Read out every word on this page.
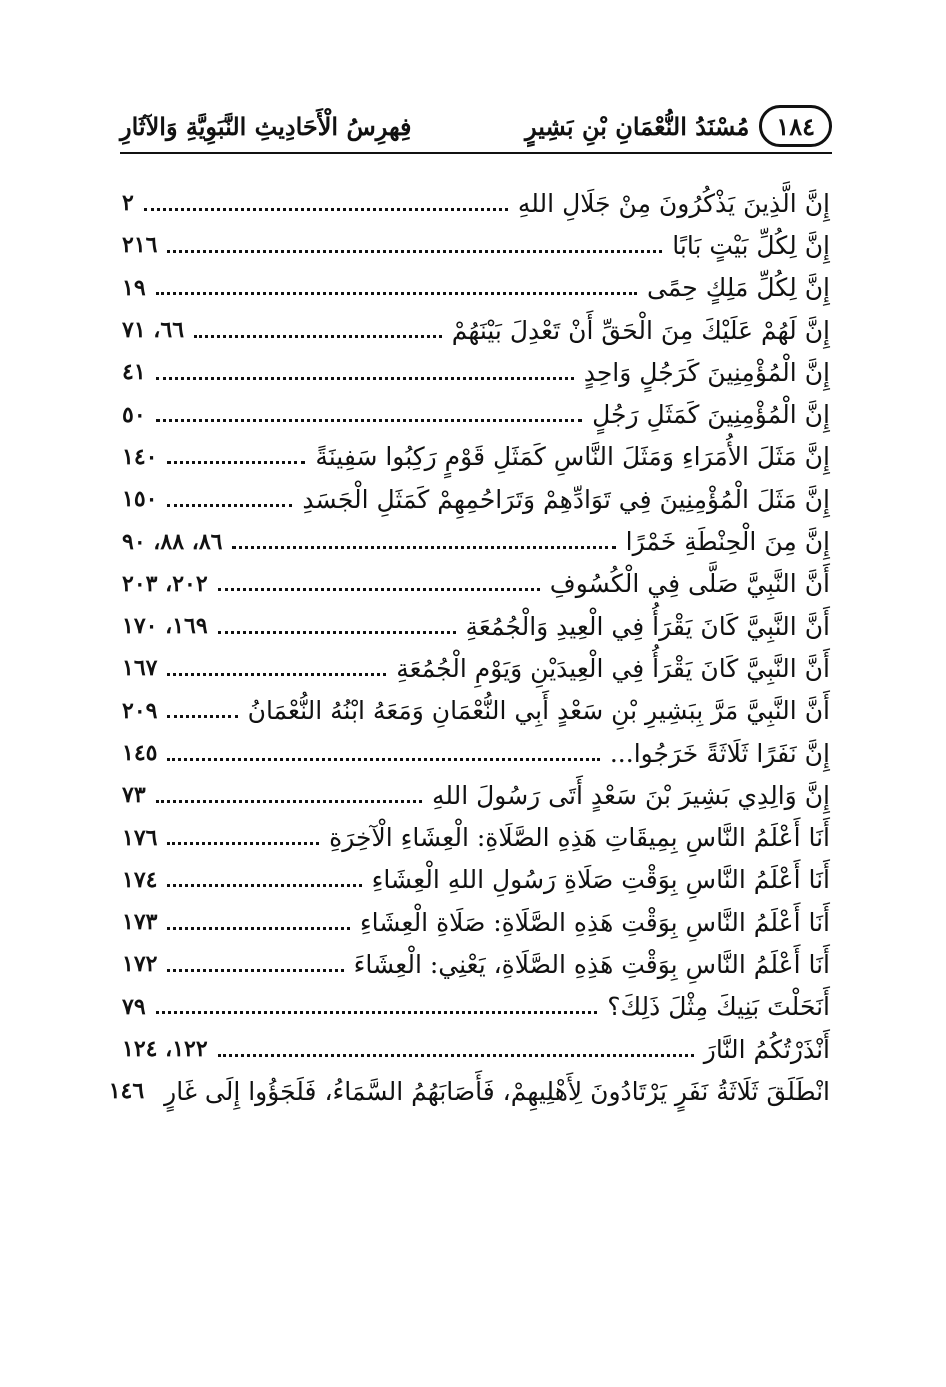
١٨٤
مُسْنَدُ النُّعْمَانِ بْنِ بَشِيرٍ
فِهرِسُ الْأَحَادِيثِ النَّبَوِيَّةِ وَالآثَارِ
إِنَّ الَّذِينَ يَذْكُرُونَ مِنْ جَلَالِ اللهِ
٢
إِنَّ لِكُلِّ بَيْتٍ بَابًا
٢١٦
إِنَّ لِكُلِّ مَلِكٍ حِمًى
١٩
إِنَّ لَهُمْ عَلَيْكَ مِنَ الْحَقِّ أَنْ تَعْدِلَ بَيْنَهُمْ
٦٦، ٧١
إِنَّ الْمُؤْمِنِينَ كَرَجُلٍ وَاحِدٍ
٤١
إِنَّ الْمُؤْمِنِينَ كَمَثَلِ رَجُلٍ
٥٠
إِنَّ مَثَلَ الأُمَرَاءِ وَمَثَلَ النَّاسِ كَمَثَلِ قَوْمٍ رَكِبُوا سَفِينَةً
١٤٠
إِنَّ مَثَلَ الْمُؤْمِنِينَ فِي تَوَادِّهِمْ وَتَرَاحُمِهِمْ كَمَثَلِ الْجَسَدِ
١٥٠
إِنَّ مِنَ الْحِنْطَةِ خَمْرًا
٨٦، ٨٨، ٩٠
أَنَّ النَّبِيَّ صَلَّى فِي الْكُسُوفِ
٢٠٢، ٢٠٣
أَنَّ النَّبِيَّ كَانَ يَقْرَأُ فِي الْعِيدِ وَالْجُمُعَةِ
١٦٩، ١٧٠
أَنَّ النَّبِيَّ كَانَ يَقْرَأُ فِي الْعِيدَيْنِ وَيَوْمِ الْجُمُعَةِ
١٦٧
أَنَّ النَّبِيَّ مَرَّ بِبَشِيرِ بْنِ سَعْدٍ أَبِي النُّعْمَانِ وَمَعَهُ ابْنُهُ النُّعْمَانُ
٢٠٩
إِنَّ نَفَرًا ثَلَاثَةً خَرَجُوا...
١٤٥
إِنَّ وَالِدِي بَشِيرَ بْنَ سَعْدٍ أَتَى رَسُولَ اللهِ
٧٣
أَنَا أَعْلَمُ النَّاسِ بِمِيقَاتِ هَذِهِ الصَّلَاةِ: الْعِشَاءِ الْآخِرَةِ
١٧٦
أَنَا أَعْلَمُ النَّاسِ بِوَقْتِ صَلَاةِ رَسُولِ اللهِ الْعِشَاءِ
١٧٤
أَنَا أَعْلَمُ النَّاسِ بِوَقْتِ هَذِهِ الصَّلَاةِ: صَلَاةِ الْعِشَاءِ
١٧٣
أَنَا أَعْلَمُ النَّاسِ بِوَقْتِ هَذِهِ الصَّلَاةِ، يَعْنِي: الْعِشَاءَ
١٧٢
أَنَحَلْتَ بَنِيكَ مِثْلَ ذَلِكَ؟
٧٩
أَنْذَرْتُكُمُ النَّارَ
١٢٢، ١٢٤
انْطَلَقَ ثَلَاثَةُ نَفَرٍ يَرْتَادُونَ لِأَهْلِيهِمْ، فَأَصَابَهُمُ السَّمَاءُ، فَلَجَؤُوا إِلَى غَارٍ
١٤٦
